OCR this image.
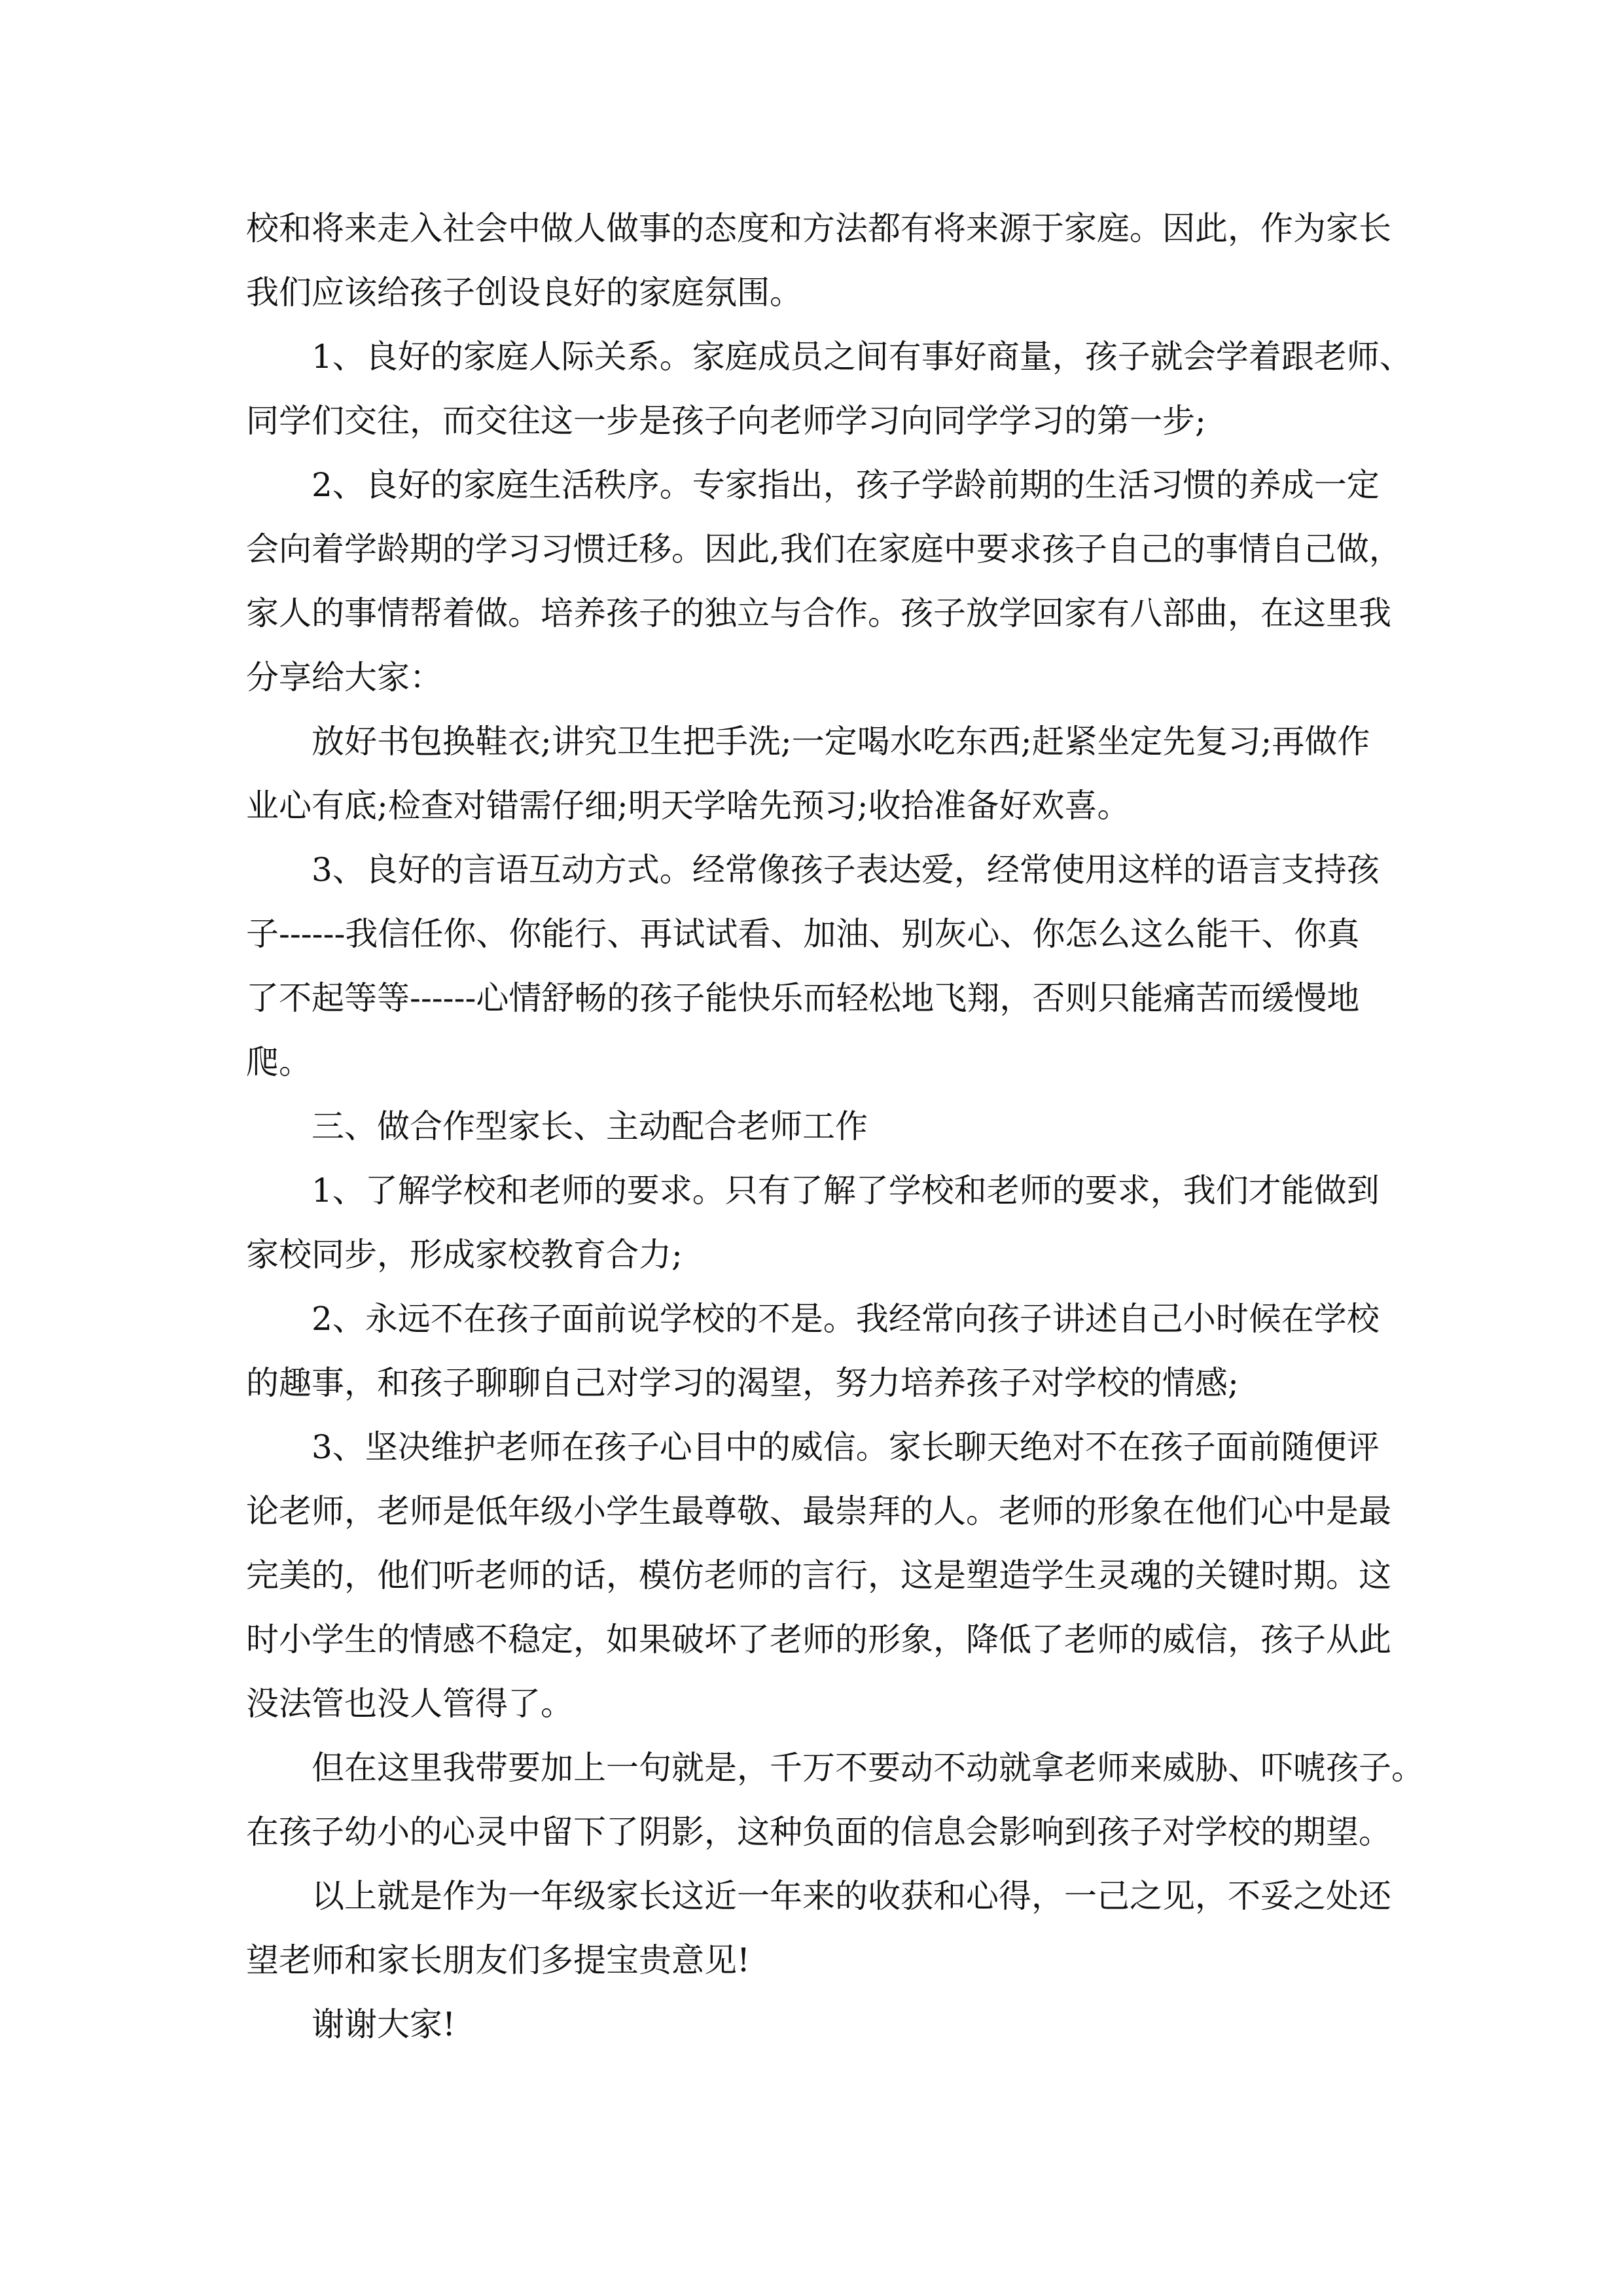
校和将来走入社会中做人做事的态度和方法都有将来源于家庭。因此，作为家长
我们应该给孩子创设良好的家庭氛围。
1、良好的家庭人际关系。家庭成员之间有事好商量，孩子就会学着跟老师、
同学们交往，而交往这一步是孩子向老师学习向同学学习的第一步;
2、良好的家庭生活秩序。专家指出，孩子学龄前期的生活习惯的养成一定
会向着学龄期的学习习惯迁移。因此,我们在家庭中要求孩子自己的事情自己做，
家人的事情帮着做。培养孩子的独立与合作。孩子放学回家有八部曲，在这里我
分享给大家：
放好书包换鞋衣;讲究卫生把手洗;一定喝水吃东西;赶紧坐定先复习;再做作
业心有底;检查对错需仔细;明天学啥先预习;收拾准备好欢喜。
3、良好的言语互动方式。经常像孩子表达爱，经常使用这样的语言支持孩
子------我信任你、你能行、再试试看、加油、别灰心、你怎么这么能干、你真
了不起等等------心情舒畅的孩子能快乐而轻松地飞翔，否则只能痛苦而缓慢地
爬。
三、做合作型家长、主动配合老师工作
1、了解学校和老师的要求。只有了解了学校和老师的要求，我们才能做到
家校同步，形成家校教育合力;
2、永远不在孩子面前说学校的不是。我经常向孩子讲述自己小时候在学校
的趣事，和孩子聊聊自己对学习的渴望，努力培养孩子对学校的情感;
3、坚决维护老师在孩子心目中的威信。家长聊天绝对不在孩子面前随便评
论老师，老师是低年级小学生最尊敬、最崇拜的人。老师的形象在他们心中是最
完美的，他们听老师的话，模仿老师的言行，这是塑造学生灵魂的关键时期。这
时小学生的情感不稳定，如果破坏了老师的形象，降低了老师的威信，孩子从此
没法管也没人管得了。
但在这里我带要加上一句就是，千万不要动不动就拿老师来威胁、吓唬孩子。
在孩子幼小的心灵中留下了阴影，这种负面的信息会影响到孩子对学校的期望。
以上就是作为一年级家长这近一年来的收获和心得，一己之见，不妥之处还
望老师和家长朋友们多提宝贵意见!
谢谢大家!
